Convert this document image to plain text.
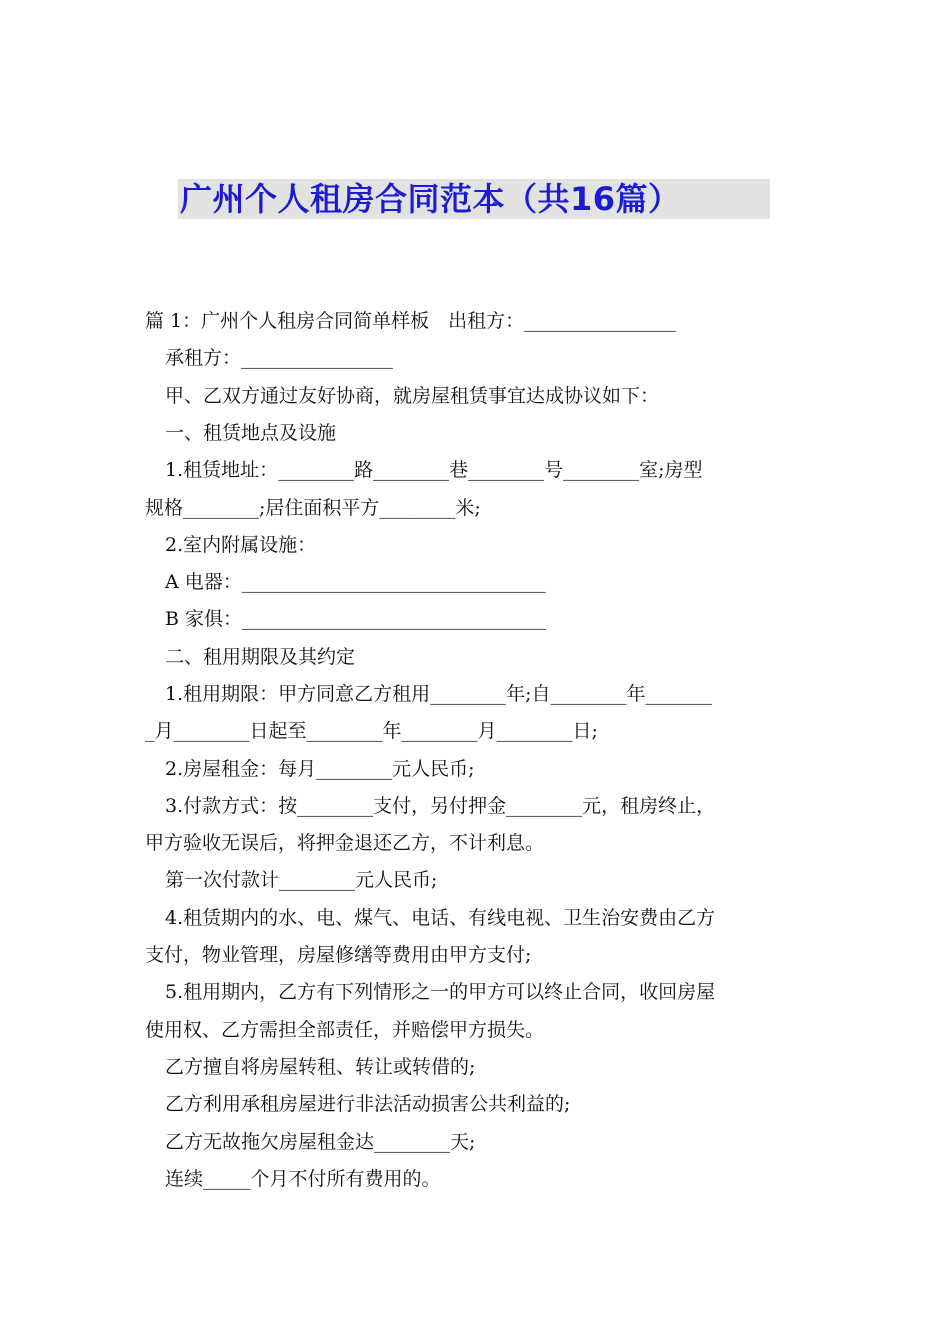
广州个人租房合同范本（共16篇）
篇 1：广州个人租房合同简单样板　出租方：________________
承租方：________________
甲、乙双方通过友好协商，就房屋租赁事宜达成协议如下：
一、租赁地点及设施
1.租赁地址：________路________巷________号________室;房型
规格________;居住面积平方________米;
2.室内附属设施：
A 电器：________________________________
B 家俱：________________________________
二、租用期限及其约定
1.租用期限：甲方同意乙方租用________年;自________年_______
_月________日起至________年________月________日;
2.房屋租金：每月________元人民币;
3.付款方式：按________支付，另付押金________元，租房终止，
甲方验收无误后，将押金退还乙方，不计利息。
第一次付款计________元人民币;
4.租赁期内的水、电、煤气、电话、有线电视、卫生治安费由乙方
支付，物业管理，房屋修缮等费用由甲方支付;
5.租用期内，乙方有下列情形之一的甲方可以终止合同，收回房屋
使用权、乙方需担全部责任，并赔偿甲方损失。
乙方擅自将房屋转租、转让或转借的;
乙方利用承租房屋进行非法活动损害公共利益的;
乙方无故拖欠房屋租金达________天;
连续_____个月不付所有费用的。
